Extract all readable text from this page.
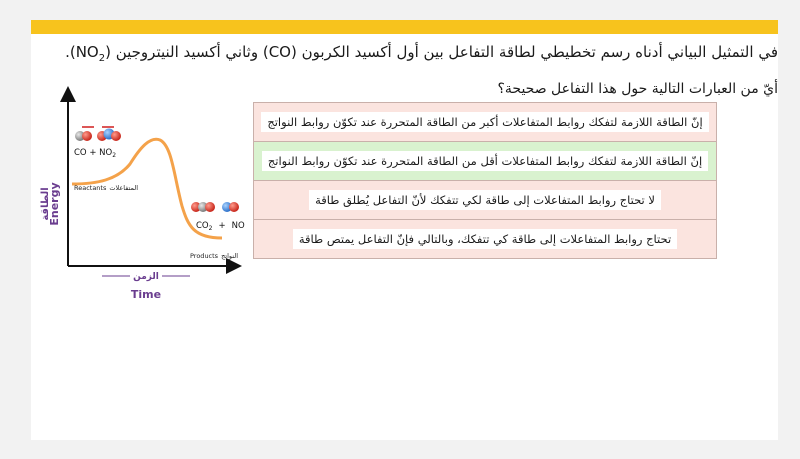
في التمثيل البياني أدناه رسم تخطيطي لطاقة التفاعل بين أول أكسيد الكربون (CO) وثاني أكسيد النيتروجين $(NO_2)$.
أيّ من العبارات التالية حول هذا التفاعل صحيحة؟
Energy
الطاقة
الزمن
Time
CO + $NO_2$
Reactants المتفاعلات
$CO_2$ + NO
Products النواتج
إنّ الطاقة اللازمة لتفكك روابط المتفاعلات أكبر من الطاقة المتحررة عند تكوّن روابط النواتج
إنّ الطاقة اللازمة لتفكك روابط المتفاعلات أقل من الطاقة المتحررة عند تكوّن روابط النواتج
لا تحتاج روابط المتفاعلات إلى طاقة لكي تتفكك لأنّ التفاعل يُطلق طاقة
تحتاج روابط المتفاعلات إلى طاقة كي تتفكك، وبالتالي فإنّ التفاعل يمتص طاقة
